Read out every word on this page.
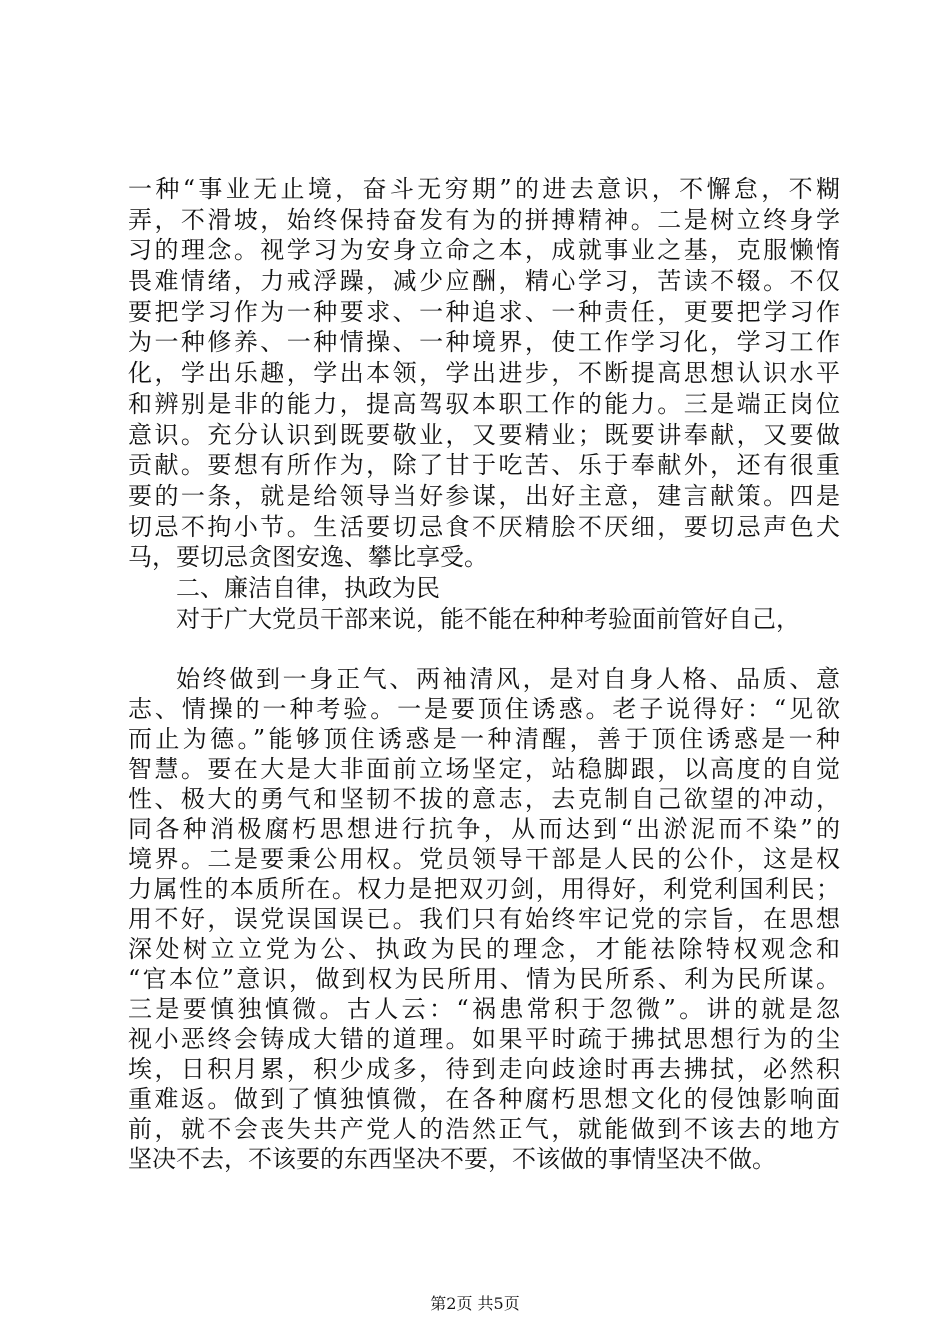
一种“事业无止境，奋斗无穷期”的进去意识，不懈怠，不糊
弄，不滑坡，始终保持奋发有为的拼搏精神。二是树立终身学
习的理念。视学习为安身立命之本，成就事业之基，克服懒惰
畏难情绪，力戒浮躁，减少应酬，精心学习，苦读不辍。不仅
要把学习作为一种要求、一种追求、一种责任，更要把学习作
为一种修养、一种情操、一种境界，使工作学习化，学习工作
化，学出乐趣，学出本领，学出进步，不断提高思想认识水平
和辨别是非的能力，提高驾驭本职工作的能力。三是端正岗位
意识。充分认识到既要敬业，又要精业；既要讲奉献，又要做
贡献。要想有所作为，除了甘于吃苦、乐于奉献外，还有很重
要的一条，就是给领导当好参谋，出好主意，建言献策。四是
切忌不拘小节。生活要切忌食不厌精脍不厌细，要切忌声色犬
马，要切忌贪图安逸、攀比享受。
二、廉洁自律，执政为民
对于广大党员干部来说，能不能在种种考验面前管好自己，
始终做到一身正气、两袖清风，是对自身人格、品质、意
志、情操的一种考验。一是要顶住诱惑。老子说得好：“见欲
而止为德。”能够顶住诱惑是一种清醒，善于顶住诱惑是一种
智慧。要在大是大非面前立场坚定，站稳脚跟，以高度的自觉
性、极大的勇气和坚韧不拔的意志，去克制自己欲望的冲动，
同各种消极腐朽思想进行抗争，从而达到“出淤泥而不染”的
境界。二是要秉公用权。党员领导干部是人民的公仆，这是权
力属性的本质所在。权力是把双刃剑，用得好，利党利国利民；
用不好，误党误国误已。我们只有始终牢记党的宗旨，在思想
深处树立立党为公、执政为民的理念，才能祛除特权观念和
“官本位”意识，做到权为民所用、情为民所系、利为民所谋。
三是要慎独慎微。古人云：“祸患常积于忽微”。讲的就是忽
视小恶终会铸成大错的道理。如果平时疏于拂拭思想行为的尘
埃，日积月累，积少成多，待到走向歧途时再去拂拭，必然积
重难返。做到了慎独慎微，在各种腐朽思想文化的侵蚀影响面
前，就不会丧失共产党人的浩然正气，就能做到不该去的地方
坚决不去，不该要的东西坚决不要，不该做的事情坚决不做。
第2页 共5页
